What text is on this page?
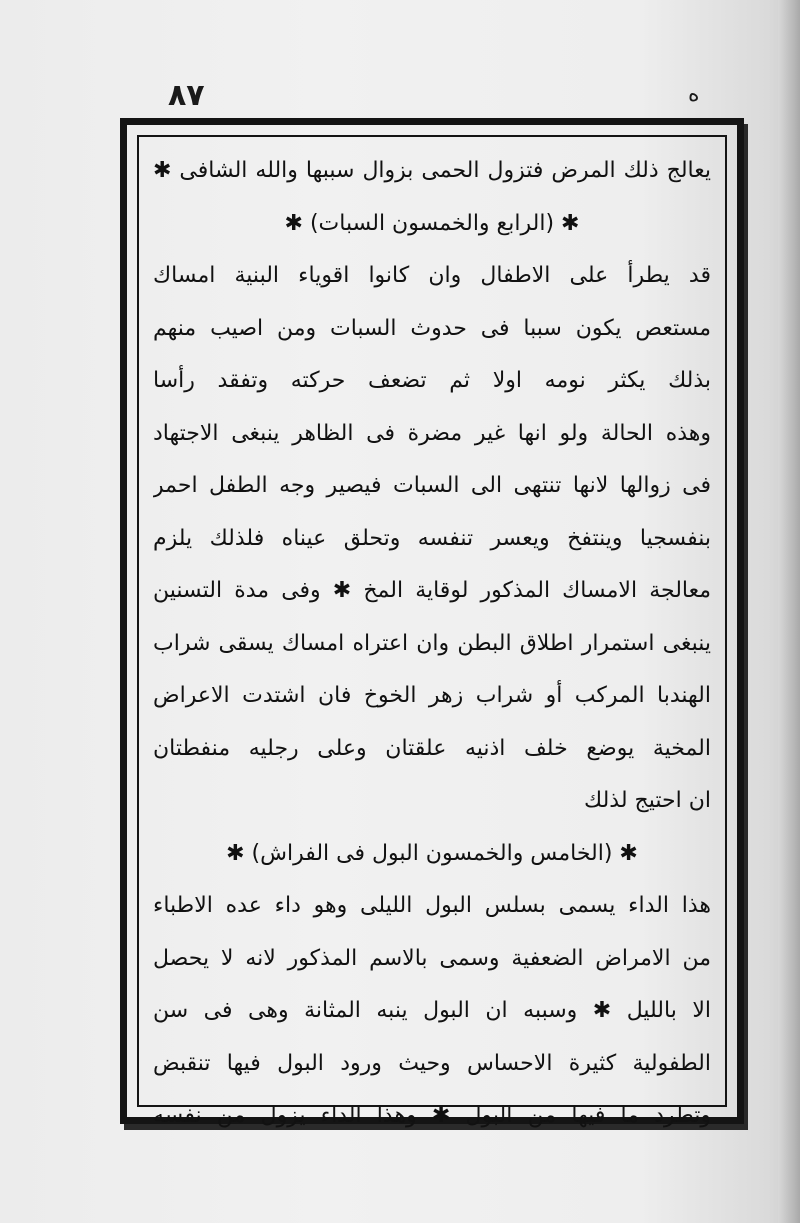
٨٧	ه
يعالج ذلك المرض فتزول الحمى بزوال سببها والله الشافى ✱
✱ (الرابع والخمسون السبات) ✱
قد يطرأ على الاطفال وان كانوا اقوياء البنية امساك
مستعص يكون سببا فى حدوث السبات ومن اصيب منهم
بذلك يكثر نومه اولا ثم تضعف حركته وتفقد رأسا
وهذه الحالة ولو انها غير مضرة فى الظاهر ينبغى الاجتهاد
فى زوالها لانها تنتهى الى السبات فيصير وجه الطفل احمر
بنفسجيا وينتفخ ويعسر تنفسه وتحلق عيناه فلذلك يلزم
معالجة الامساك المذكور لوقاية المخ ✱ وفى مدة التسنين
ينبغى استمرار اطلاق البطن وان اعتراه امساك يسقى شراب
الهندبا المركب أو شراب زهر الخوخ فان اشتدت الاعراض
المخية يوضع خلف اذنيه علقتان وعلى رجليه منفطتان
ان احتيج لذلك
✱ (الخامس والخمسون البول فى الفراش) ✱
هذا الداء يسمى بسلس البول الليلى وهو داء عده الاطباء
من الامراض الضعفية وسمى بالاسم المذكور لانه لا يحصل
الا بالليل ✱ وسببه ان البول ينبه المثانة وهى فى سن
الطفولية كثيرة الاحساس وحيث ورود البول فيها تنقبض
وتطرد ما فيها من البول ✱ وهذا الداء يزول من نفسه
